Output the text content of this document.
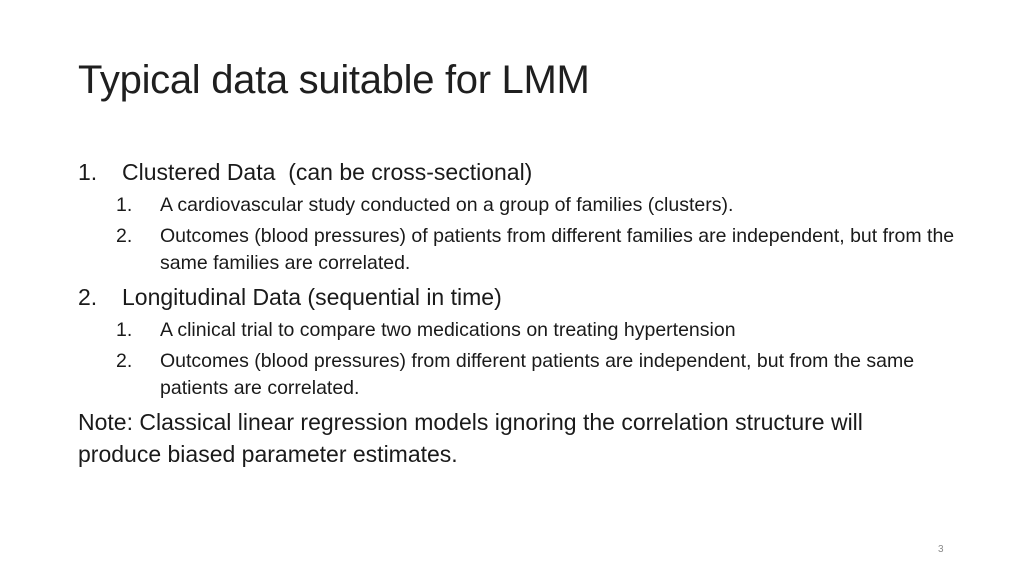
Typical data suitable for LMM
1. Clustered Data  (can be cross-sectional)
1. A cardiovascular study conducted on a group of families (clusters).
2. Outcomes (blood pressures) of patients from different families are independent, but from the same families are correlated.
2. Longitudinal Data (sequential in time)
1. A clinical trial to compare two medications on treating hypertension
2. Outcomes (blood pressures) from different patients are independent, but from the same patients are correlated.
Note: Classical linear regression models ignoring the correlation structure will produce biased parameter estimates.
3
